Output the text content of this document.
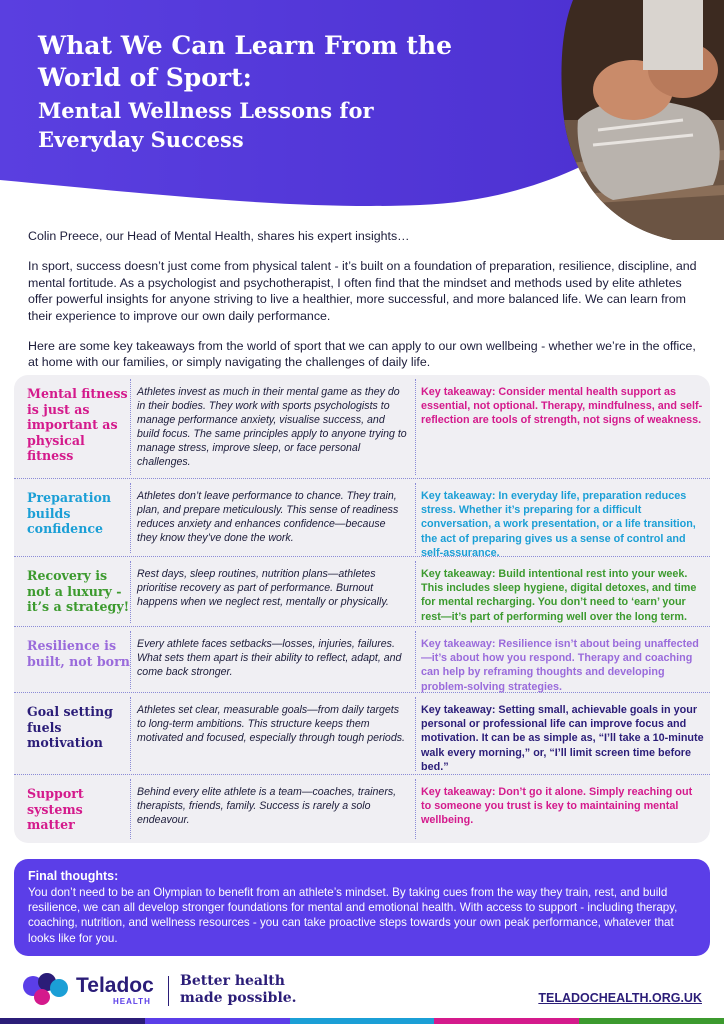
What We Can Learn From the World of Sport:
Mental Wellness Lessons for Everyday Success

Colin Preece, our Head of Mental Health, shares his expert insights…

In sport, success doesn’t just come from physical talent - it’s built on a foundation of preparation, resilience, discipline, and mental fortitude. As a psychologist and psychotherapist, I often find that the mindset and methods used by elite athletes offer powerful insights for anyone striving to live a healthier, more successful, and more balanced life. We can learn from their experience to improve our own daily performance.

Here are some key takeaways from the world of sport that we can apply to our own wellbeing - whether we’re in the office, at home with our families, or simply navigating the challenges of daily life.

Mental fitness is just as important as physical fitness
Athletes invest as much in their mental game as they do in their bodies. They work with sports psychologists to manage performance anxiety, visualise success, and build focus. The same principles apply to anyone trying to manage stress, improve sleep, or face personal challenges.
Key takeaway: Consider mental health support as essential, not optional. Therapy, mindfulness, and self-reflection are tools of strength, not signs of weakness.
Preparation builds confidence
Athletes don’t leave performance to chance. They train, plan, and prepare meticulously. This sense of readiness reduces anxiety and enhances confidence—because they know they’ve done the work.
Key takeaway: In everyday life, preparation reduces stress. Whether it’s preparing for a difficult conversation, a work presentation, or a life transition, the act of preparing gives us a sense of control and self-assurance.
Recovery is not a luxury - it’s a strategy!
Rest days, sleep routines, nutrition plans—athletes prioritise recovery as part of performance. Burnout happens when we neglect rest, mentally or physically.
Key takeaway: Build intentional rest into your week. This includes sleep hygiene, digital detoxes, and time for mental recharging. You don’t need to ‘earn’ your rest—it’s part of performing well over the long term.
Resilience is built, not born
Every athlete faces setbacks—losses, injuries, failures. What sets them apart is their ability to reflect, adapt, and come back stronger.
Key takeaway: Resilience isn’t about being unaffected—it’s about how you respond. Therapy and coaching can help by reframing thoughts and developing problem-solving strategies.
Goal setting fuels motivation
Athletes set clear, measurable goals—from daily targets to long-term ambitions. This structure keeps them motivated and focused, especially through tough periods.
Key takeaway: Setting small, achievable goals in your personal or professional life can improve focus and motivation. It can be as simple as, “I’ll take a 10-minute walk every morning,” or, “I’ll limit screen time before bed.”
Support systems matter
Behind every elite athlete is a team—coaches, trainers, therapists, friends, family. Success is rarely a solo endeavour.
Key takeaway: Don’t go it alone. Simply reaching out to someone you trust is key to maintaining mental wellbeing.
Final thoughts:
You don’t need to be an Olympian to benefit from an athlete’s mindset. By taking cues from the way they train, rest, and build resilience, we can all develop stronger foundations for mental and emotional health. With access to support - including therapy, coaching, nutrition, and wellness resources - you can take proactive steps towards your own peak performance, whatever that looks like for you.
Teladoc
HEALTH
Better health
made possible.	TELADOCHEALTH.ORG.UK
